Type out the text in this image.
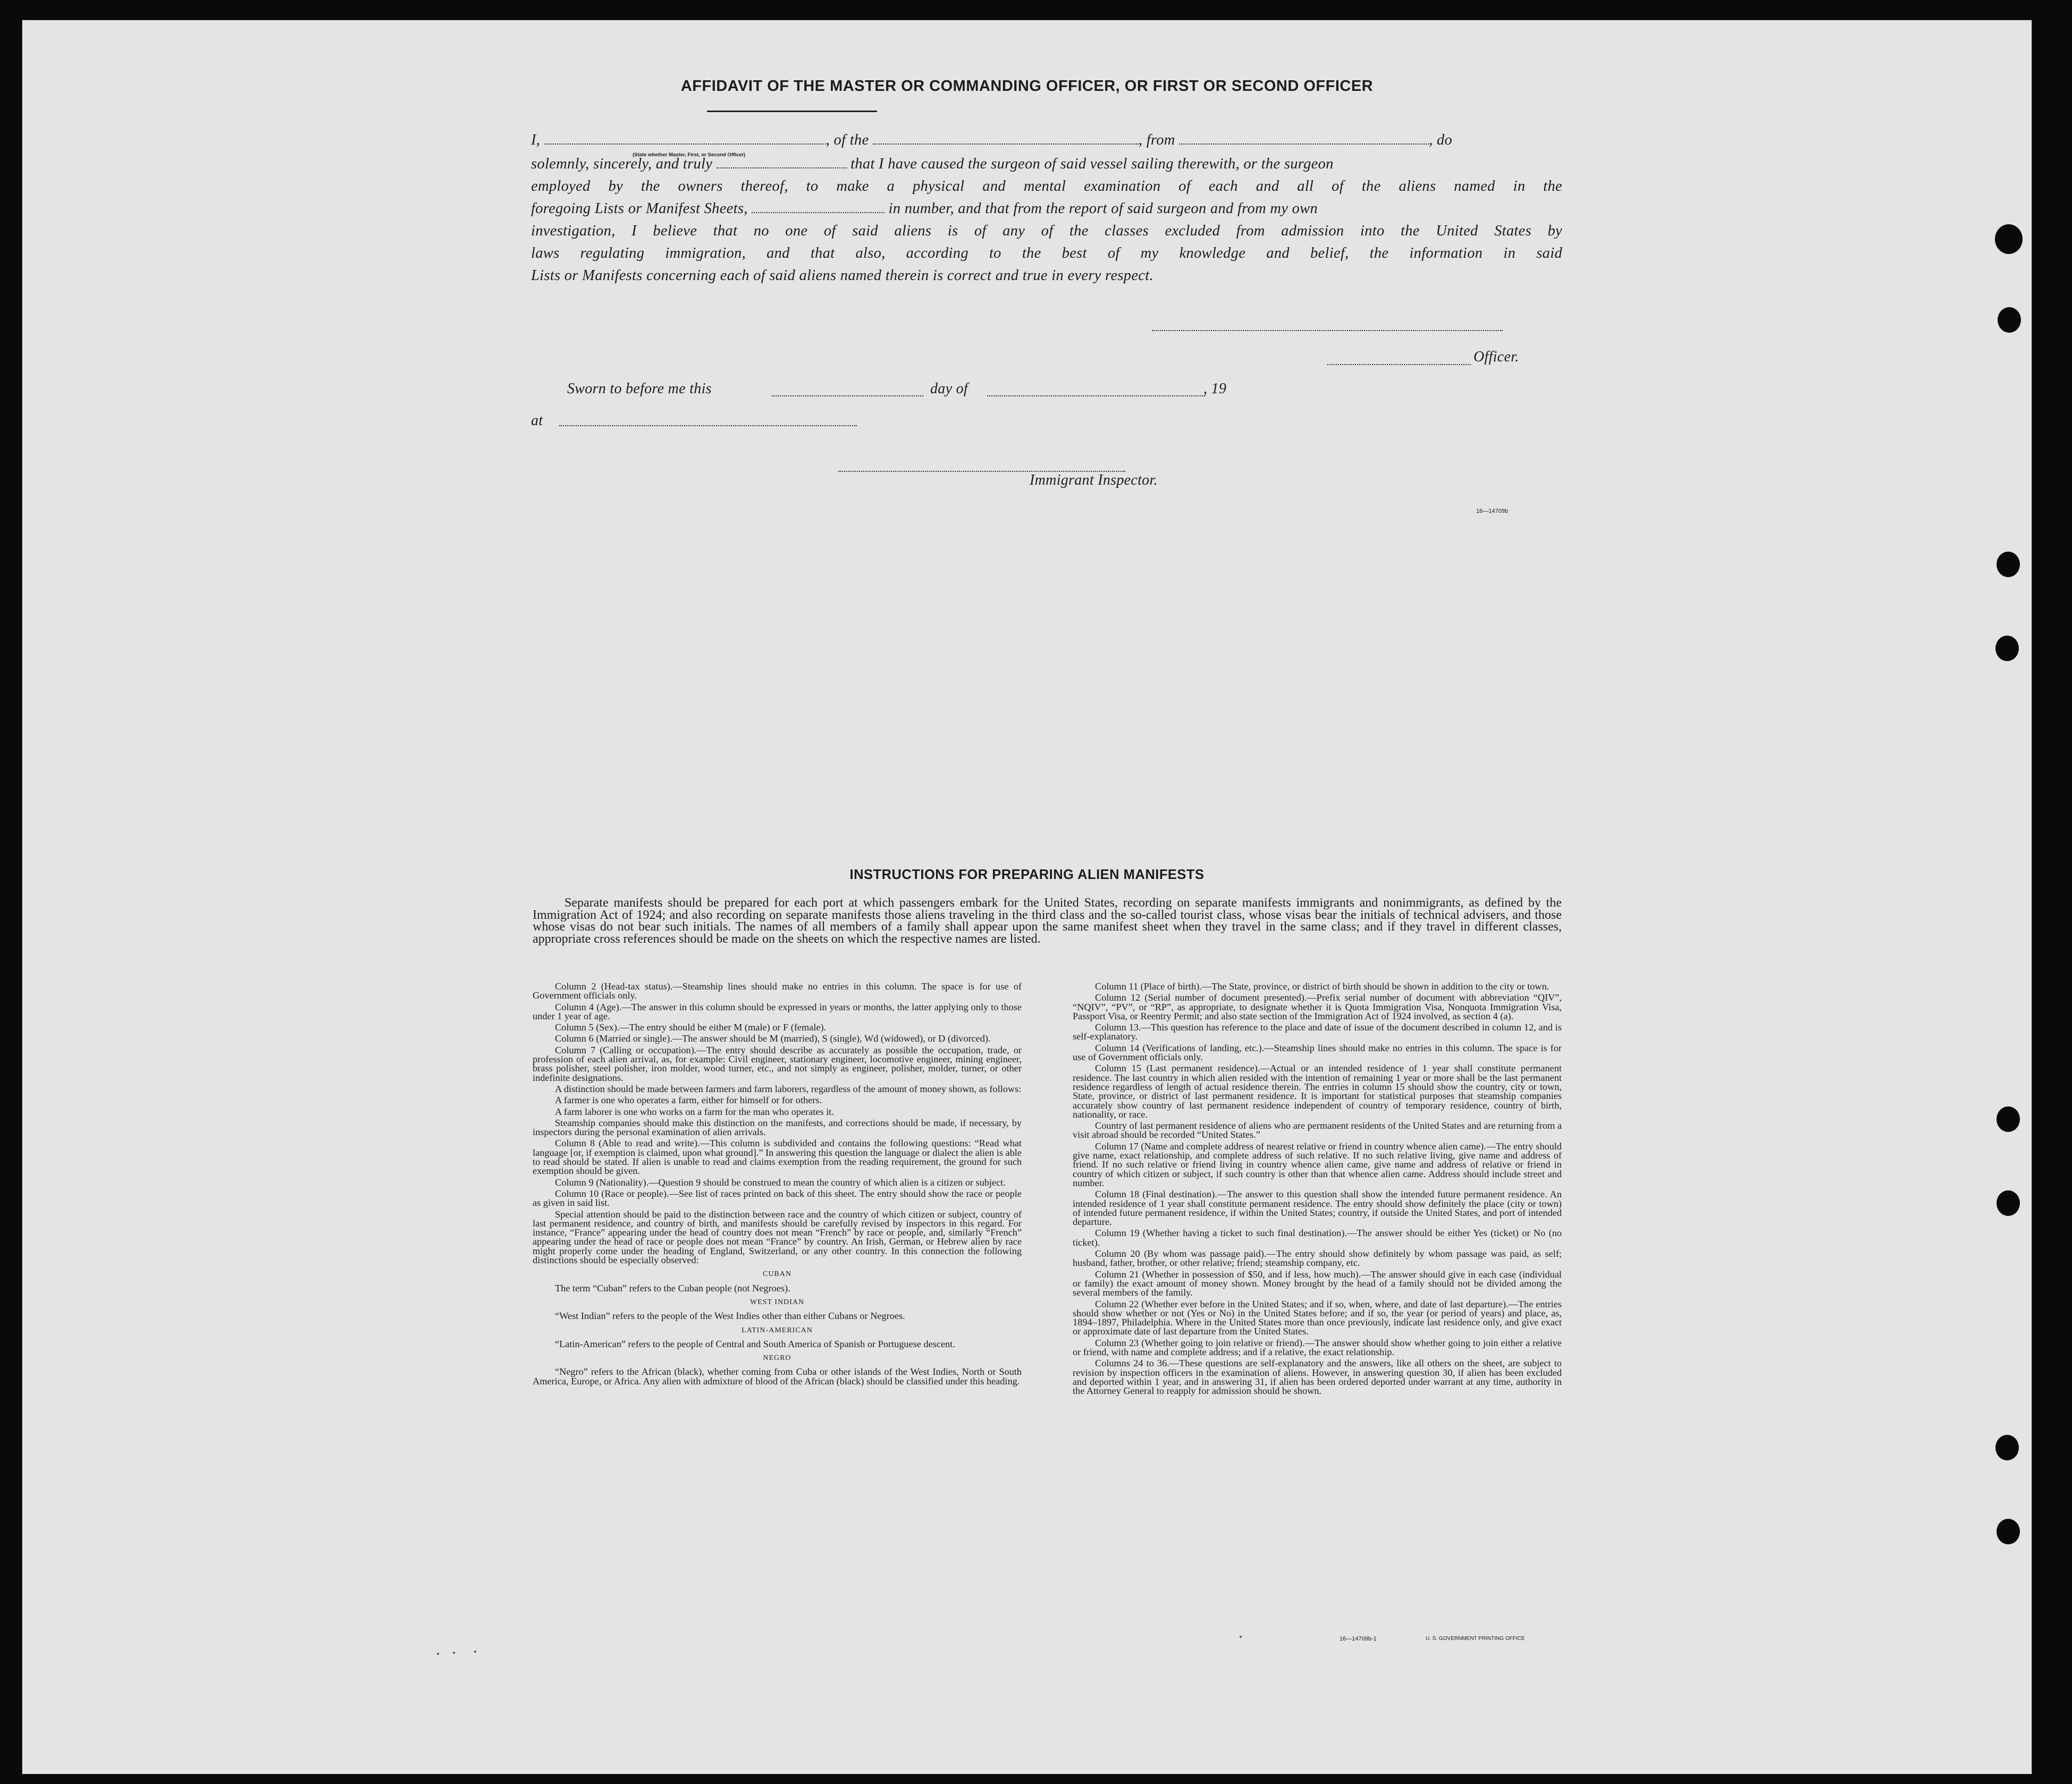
AFFIDAVIT OF THE MASTER OR COMMANDING OFFICER, OR FIRST OR SECOND OFFICER
I,	, of the	, from	, do
(State whether Master, First, or Second Officer)
solemnly, sincerely, and truly	that I have caused the surgeon of said vessel sailing therewith, or the surgeon
employed by the owners thereof, to make a physical and mental examination of each and all of the aliens named in the
foregoing Lists or Manifest Sheets,	in number, and that from the report of said surgeon and from my own
investigation, I believe that no one of said aliens is of any of the classes excluded from admission into the United States by
laws regulating immigration, and that also, according to the best of my knowledge and belief, the information in said
Lists or Manifests concerning each of said aliens named therein is correct and true in every respect.
Officer.
Sworn to before me this	day of	, 19
at
Immigrant Inspector.
16—14709b
INSTRUCTIONS FOR PREPARING ALIEN MANIFESTS

Separate manifests should be prepared for each port at which passengers embark for the United States, recording on separate manifests immigrants and nonimmigrants, as defined by the Immigration Act of 1924; and also recording on separate manifests those aliens traveling in the third class and the so-called tourist class, whose visas bear the initials of technical advisers, and those whose visas do not bear such initials. The names of all members of a family shall appear upon the same manifest sheet when they travel in the same class; and if they travel in different classes, appropriate cross references should be made on the sheets on which the respective names are listed.

Column 2 (Head-tax status).—Steamship lines should make no entries in this column. The space is for use of Government officials only.

Column 4 (Age).—The answer in this column should be expressed in years or months, the latter applying only to those under 1 year of age.

Column 5 (Sex).—The entry should be either M (male) or F (female).

Column 6 (Married or single).—The answer should be M (married), S (single), Wd (widowed), or D (divorced).

Column 7 (Calling or occupation).—The entry should describe as accurately as possible the occupation, trade, or profession of each alien arrival, as, for example: Civil engineer, stationary engineer, locomotive engineer, mining engineer, brass polisher, steel polisher, iron molder, wood turner, etc., and not simply as engineer, polisher, molder, turner, or other indefinite designations.

A distinction should be made between farmers and farm laborers, regardless of the amount of money shown, as follows:

A farmer is one who operates a farm, either for himself or for others.

A farm laborer is one who works on a farm for the man who operates it.

Steamship companies should make this distinction on the manifests, and corrections should be made, if necessary, by inspectors during the personal examination of alien arrivals.

Column 8 (Able to read and write).—This column is subdivided and contains the following questions: “Read what language [or, if exemption is claimed, upon what ground].” In answering this question the language or dialect the alien is able to read should be stated. If alien is unable to read and claims exemption from the reading requirement, the ground for such exemption should be given.

Column 9 (Nationality).—Question 9 should be construed to mean the country of which alien is a citizen or subject.

Column 10 (Race or people).—See list of races printed on back of this sheet. The entry should show the race or people as given in said list.

Special attention should be paid to the distinction between race and the country of which citizen or subject, country of last permanent residence, and country of birth, and manifests should be carefully revised by inspectors in this regard. For instance, “France” appearing under the head of country does not mean “French” by race or people, and, similarly “French” appearing under the head of race or people does not mean “France” by country. An Irish, German, or Hebrew alien by race might properly come under the heading of England, Switzerland, or any other country. In this connection the following distinctions should be especially observed:

CUBAN

The term “Cuban” refers to the Cuban people (not Negroes).

WEST INDIAN

“West Indian” refers to the people of the West Indies other than either Cubans or Negroes.

LATIN-AMERICAN

“Latin-American” refers to the people of Central and South America of Spanish or Portuguese descent.

NEGRO

“Negro” refers to the African (black), whether coming from Cuba or other islands of the West Indies, North or South America, Europe, or Africa. Any alien with admixture of blood of the African (black) should be classified under this heading.

Column 11 (Place of birth).—The State, province, or district of birth should be shown in addition to the city or town.

Column 12 (Serial number of document presented).—Prefix serial number of document with abbreviation “QIV”, “NQIV”, “PV”, or “RP”, as appropriate, to designate whether it is Quota Immigration Visa, Nonquota Immigration Visa, Passport Visa, or Reentry Permit; and also state section of the Immigration Act of 1924 involved, as section 4 (a).

Column 13.—This question has reference to the place and date of issue of the document described in column 12, and is self-explanatory.

Column 14 (Verifications of landing, etc.).—Steamship lines should make no entries in this column. The space is for use of Government officials only.

Column 15 (Last permanent residence).—Actual or an intended residence of 1 year shall constitute permanent residence. The last country in which alien resided with the intention of remaining 1 year or more shall be the last permanent residence regardless of length of actual residence therein. The entries in column 15 should show the country, city or town, State, province, or district of last permanent residence. It is important for statistical purposes that steamship companies accurately show country of last permanent residence independent of country of temporary residence, country of birth, nationality, or race.

Country of last permanent residence of aliens who are permanent residents of the United States and are returning from a visit abroad should be recorded “United States.”

Column 17 (Name and complete address of nearest relative or friend in country whence alien came).—The entry should give name, exact relationship, and complete address of such relative. If no such relative living, give name and address of friend. If no such relative or friend living in country whence alien came, give name and address of relative or friend in country of which citizen or subject, if such country is other than that whence alien came. Address should include street and number.

Column 18 (Final destination).—The answer to this question shall show the intended future permanent residence. An intended residence of 1 year shall constitute permanent residence. The entry should show definitely the place (city or town) of intended future permanent residence, if within the United States; country, if outside the United States, and port of intended departure.

Column 19 (Whether having a ticket to such final destination).—The answer should be either Yes (ticket) or No (no ticket).

Column 20 (By whom was passage paid).—The entry should show definitely by whom passage was paid, as self; husband, father, brother, or other relative; friend; steamship company, etc.

Column 21 (Whether in possession of $50, and if less, how much).—The answer should give in each case (individual or family) the exact amount of money shown. Money brought by the head of a family should not be divided among the several members of the family.

Column 22 (Whether ever before in the United States; and if so, when, where, and date of last departure).—The entries should show whether or not (Yes or No) in the United States before; and if so, the year (or period of years) and place, as, 1894–1897, Philadelphia. Where in the United States more than once previously, indicate last residence only, and give exact or approximate date of last departure from the United States.

Column 23 (Whether going to join relative or friend).—The answer should show whether going to join either a relative or friend, with name and complete address; and if a relative, the exact relationship.

Columns 24 to 36.—These questions are self-explanatory and the answers, like all others on the sheet, are subject to revision by inspection officers in the examination of aliens. However, in answering question 30, if alien has been excluded and deported within 1 year, and in answering 31, if alien has been ordered deported under warrant at any time, authority in the Attorney General to reapply for admission should be shown.

16—14709b-1	U. S. GOVERNMENT PRINTING OFFICE
